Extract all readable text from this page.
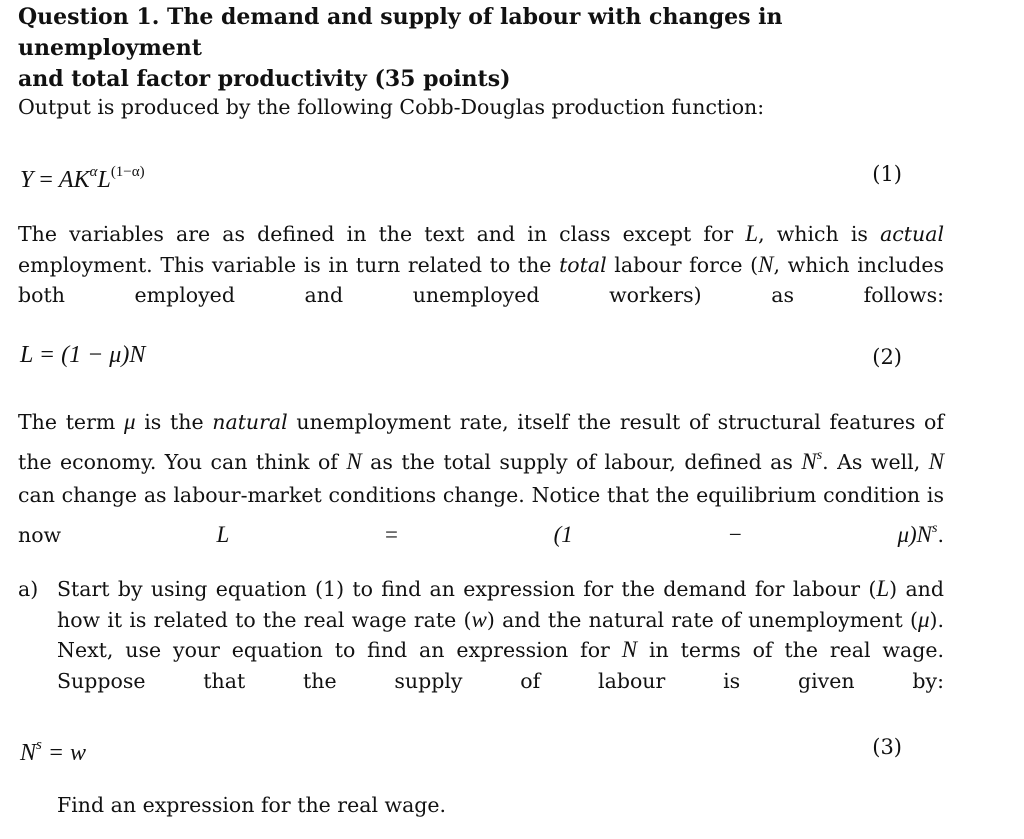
Question 1. The demand and supply of labour with changes in unemployment
and total factor productivity (35 points)
Output is produced by the following Cobb-Douglas production function:
$Y = AK^\alpha L^{(1-\alpha)}$	(1)
The variables are as defined in the text and in class except for L, which is actual employment. This variable is in turn related to the total labour force (N, which includes both employed and unemployed workers) as follows:
L = (1 − μ)N	(2)
The term μ is the natural unemployment rate, itself the result of structural features of the economy. You can think of N as the total supply of labour, defined as $N^s$. As well, N can change as labour-market conditions change. Notice that the equilibrium condition is now $L = (1 - \mu)N^s$.
a) Start by using equation (1) to find an expression for the demand for labour (L) and how it is related to the real wage rate (w) and the natural rate of unemployment (μ). Next, use your equation to find an expression for N in terms of the real wage. Suppose that the supply of labour is given by:
$N^s = w$	(3)
Find an expression for the real wage.
